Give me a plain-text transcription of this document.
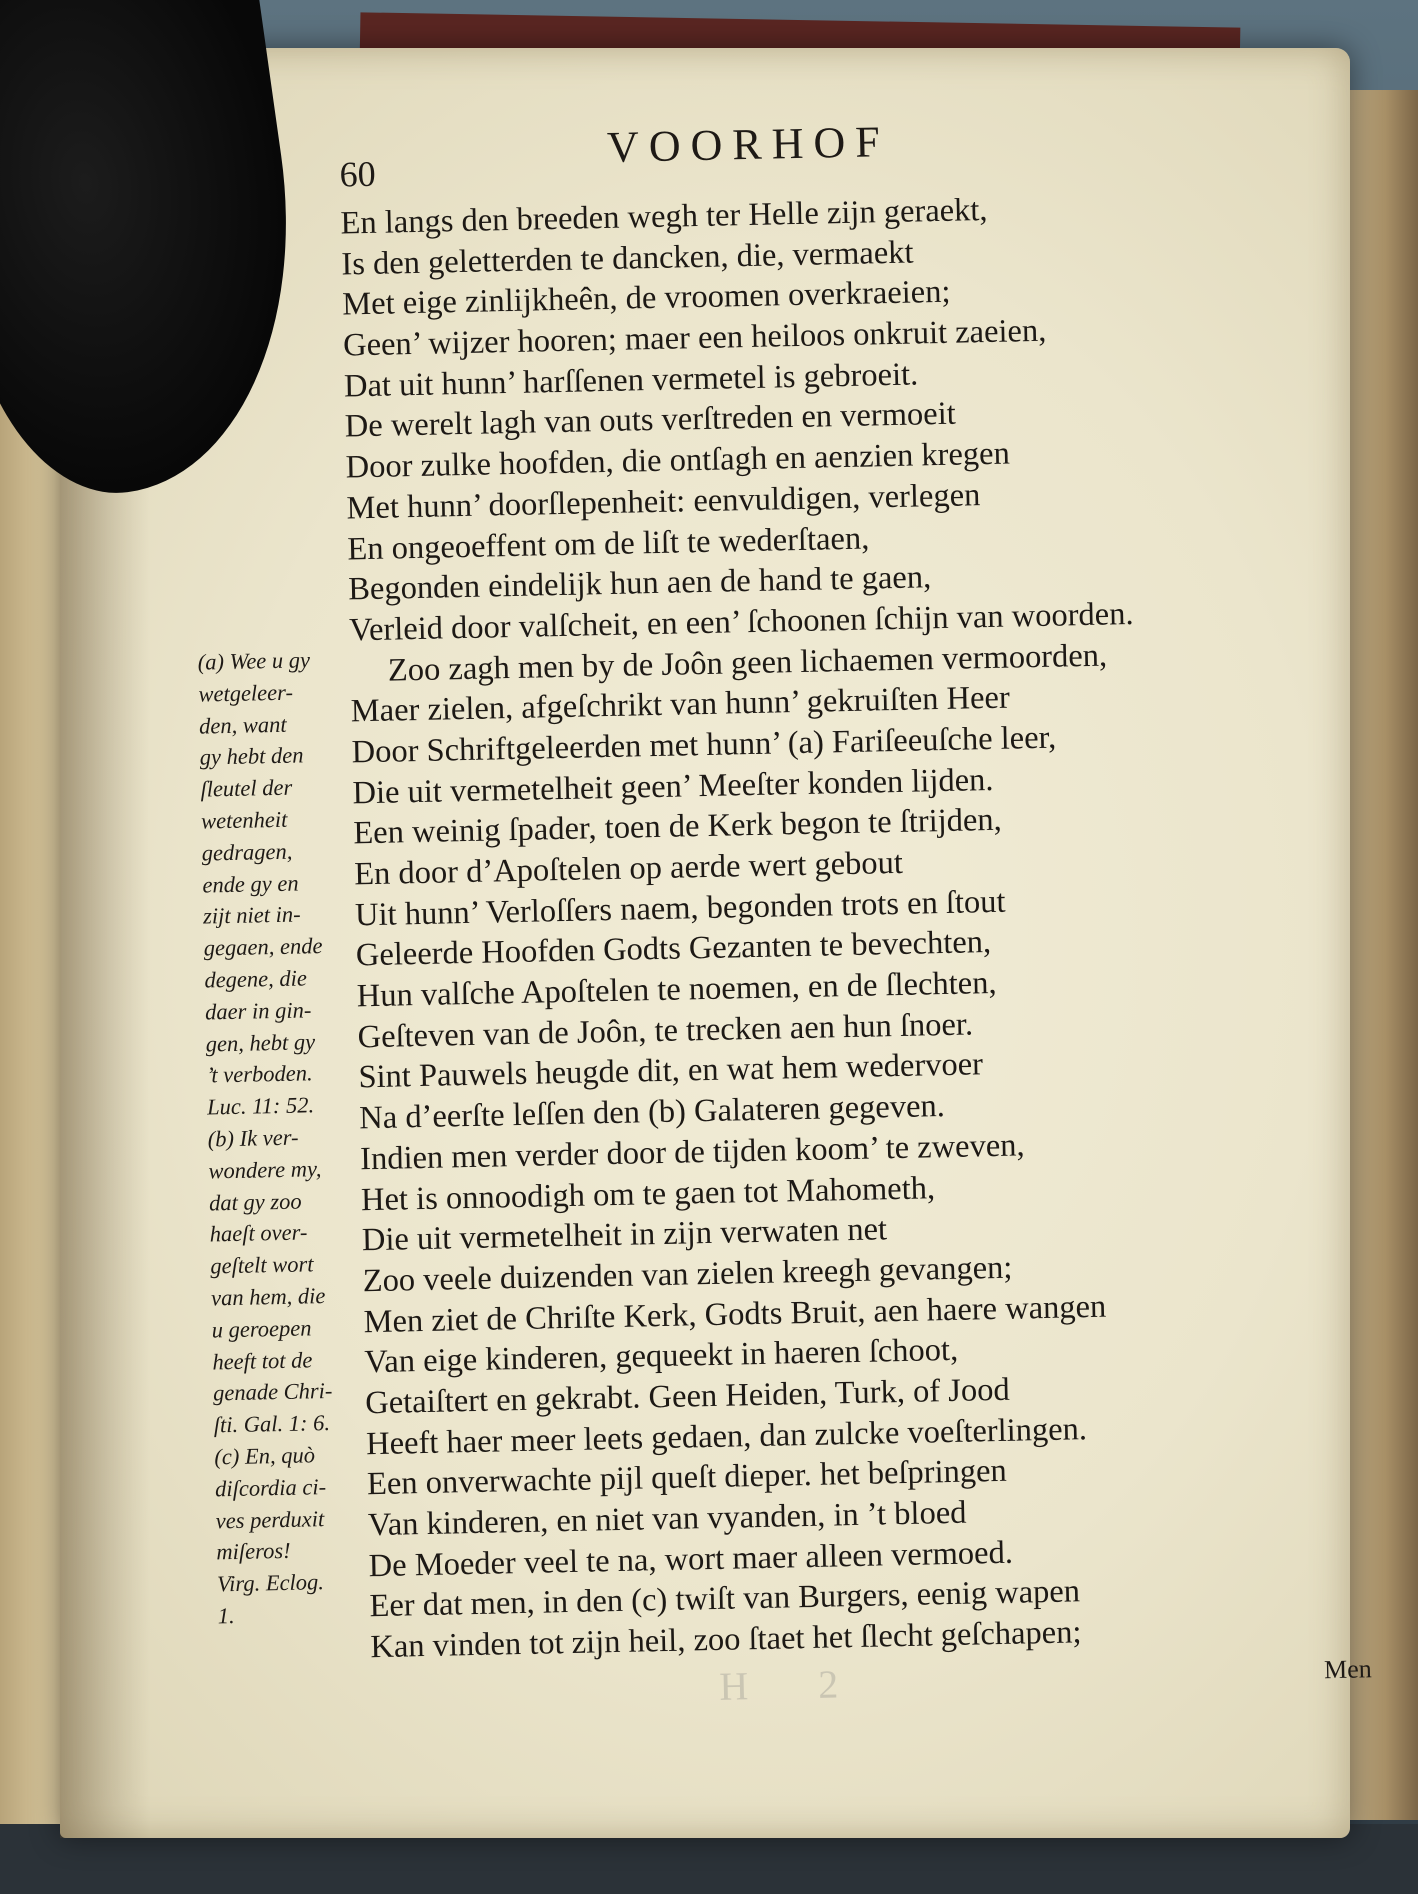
60
VOORHOF
En langs den breeden wegh ter Helle zijn geraekt,
Is den geletterden te dancken, die, vermaekt
Met eige zinlijkheên, de vroomen overkraeien;
Geen’ wijzer hooren; maer een heiloos onkruit zaeien,
Dat uit hunn’ harſſenen vermetel is gebroeit.
De werelt lagh van outs verſtreden en vermoeit
Door zulke hoofden, die ontſagh en aenzien kregen
Met hunn’ doorſlepenheit: eenvuldigen, verlegen
En ongeoeffent om de liſt te wederſtaen,
Begonden eindelijk hun aen de hand te gaen,
Verleid door valſcheit, en een’ ſchoonen ſchijn van woorden.
Zoo zagh men by de Joôn geen lichaemen vermoorden,
Maer zielen, afgeſchrikt van hunn’ gekruiſten Heer
Door Schriftgeleerden met hunn’ (a) Fariſeeuſche leer,
Die uit vermetelheit geen’ Meeſter konden lijden.
Een weinig ſpader, toen de Kerk begon te ſtrijden,
En door d’Apoſtelen op aerde wert gebout
Uit hunn’ Verloſſers naem, begonden trots en ſtout
Geleerde Hoofden Godts Gezanten te bevechten,
Hun valſche Apoſtelen te noemen, en de ſlechten,
Geſteven van de Joôn, te trecken aen hun ſnoer.
Sint Pauwels heugde dit, en wat hem wedervoer
Na d’eerſte leſſen den (b) Galateren gegeven.
Indien men verder door de tijden koom’ te zweven,
Het is onnoodigh om te gaen tot Mahometh,
Die uit vermetelheit in zijn verwaten net
Zoo veele duizenden van zielen kreegh gevangen;
Men ziet de Chriſte Kerk, Godts Bruit, aen haere wangen
Van eige kinderen, gequeekt in haeren ſchoot,
Getaiſtert en gekrabt. Geen Heiden, Turk, of Jood
Heeft haer meer leets gedaen, dan zulcke voeſterlingen.
Een onverwachte pijl queſt dieper. het beſpringen
Van kinderen, en niet van vyanden, in ’t bloed
De Moeder veel te na, wort maer alleen vermoed.
Eer dat men, in den (c) twiſt van Burgers, eenig wapen
Kan vinden tot zijn heil, zoo ſtaet het ſlecht geſchapen;
(a) Wee u gy
wetgeleer-
den, want
gy hebt den
ſleutel der
wetenheit
gedragen,
ende gy en
zijt niet in-
gegaen, ende
degene, die
daer in gin-
gen, hebt gy
’t verboden.
Luc. 11: 52.
(b) Ik ver-
wondere my,
dat gy zoo
haeſt over-
geſtelt wort
van hem, die
u geroepen
heeft tot de
genade Chri-
ſti. Gal. 1: 6.
(c) En, quò
diſcordia ci-
ves perduxit
miſeros!
Virg. Eclog.
1.
H 2	Men
